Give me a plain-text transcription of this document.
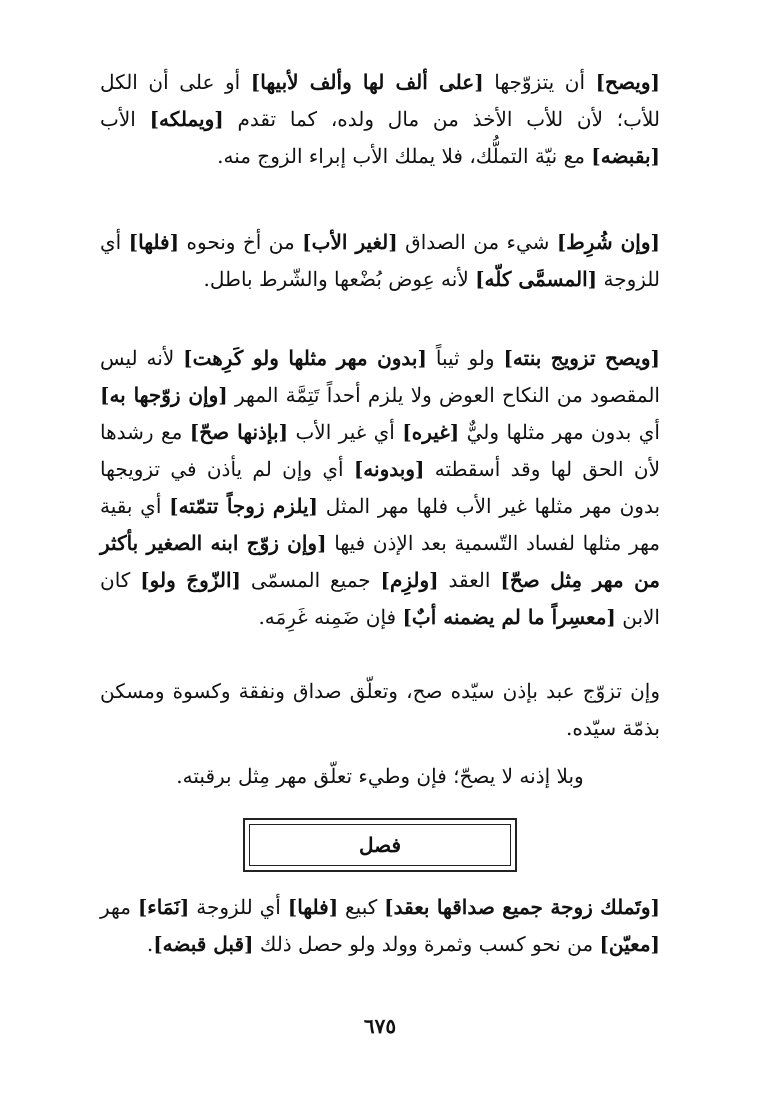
[ويصح] أن يتزوّجها [على ألف لها وألف لأبيها] أو على أن الكل للأب؛ لأن للأب الأخذ من مال ولده، كما تقدم [ويملكه] الأب [بقبضه] مع نيّة التملُّك، فلا يملك الأب إبراء الزوج منه.

[وإن شُرِط] شيء من الصداق [لغير الأب] من أخ ونحوه [فلها] أي للزوجة [المسمَّى كلّه] لأنه عِوض بُضْعها والشّرط باطل.

[ويصح تزويج بنته] ولو ثيباً [بدون مهر مثلها ولو كَرِهت] لأنه ليس المقصود من النكاح العوض ولا يلزم أحداً تَتِمَّة المهر [وإن زوّجها به] أي بدون مهر مثلها وليٌّ [غيره] أي غير الأب [بإذنها صحّ] مع رشدها لأن الحق لها وقد أسقطته [وبدونه] أي وإن لم يأذن في تزويجها بدون مهر مثلها غير الأب فلها مهر المثل [يلزم زوجاً تتمّته] أي بقية مهر مثلها لفساد التّسمية بعد الإذن فيها [وإن زوّج ابنه الصغير بأكثر من مهر مِثل صحّ] العقد [ولزِم] جميع المسمّى [الزّوجَ ولو] كان الابن [معسِراً ما لم يضمنه أبٌ] فإن ضَمِنه غَرِمَه.

وإن تزوّج عبد بإذن سيّده صح، وتعلّق صداق ونفقة وكسوة ومسكن بذمّة سيّده.

وبلا إذنه لا يصحّ؛ فإن وطيء تعلّق مهر مِثل برقبته.

فصل

[وتَملك زوجة جميع صداقها بعقد] كبيع [فلها] أي للزوجة [نَمَاء] مهر [معيّن] من نحو كسب وثمرة وولد ولو حصل ذلك [قبل قبضه].

٦٧٥
